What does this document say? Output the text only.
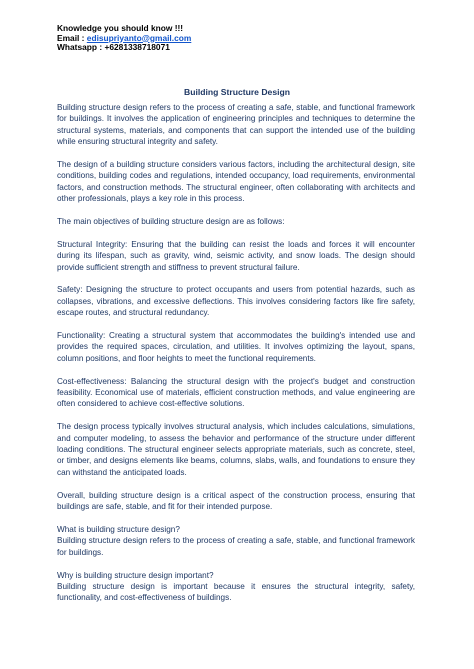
Knowledge you should know !!!
Email : edisupriyanto@gmail.com
Whatsapp : +6281338718071
Building Structure Design

Building structure design refers to the process of creating a safe, stable, and functional framework for buildings. It involves the application of engineering principles and techniques to determine the structural systems, materials, and components that can support the intended use of the building while ensuring structural integrity and safety.

The design of a building structure considers various factors, including the architectural design, site conditions, building codes and regulations, intended occupancy, load requirements, environmental factors, and construction methods. The structural engineer, often collaborating with architects and other professionals, plays a key role in this process.

The main objectives of building structure design are as follows:

Structural Integrity: Ensuring that the building can resist the loads and forces it will encounter during its lifespan, such as gravity, wind, seismic activity, and snow loads. The design should provide sufficient strength and stiffness to prevent structural failure.

Safety: Designing the structure to protect occupants and users from potential hazards, such as collapses, vibrations, and excessive deflections. This involves considering factors like fire safety, escape routes, and structural redundancy.

Functionality: Creating a structural system that accommodates the building's intended use and provides the required spaces, circulation, and utilities. It involves optimizing the layout, spans, column positions, and floor heights to meet the functional requirements.

Cost-effectiveness: Balancing the structural design with the project's budget and construction feasibility. Economical use of materials, efficient construction methods, and value engineering are often considered to achieve cost-effective solutions.

The design process typically involves structural analysis, which includes calculations, simulations, and computer modeling, to assess the behavior and performance of the structure under different loading conditions. The structural engineer selects appropriate materials, such as concrete, steel, or timber, and designs elements like beams, columns, slabs, walls, and foundations to ensure they can withstand the anticipated loads.

Overall, building structure design is a critical aspect of the construction process, ensuring that buildings are safe, stable, and fit for their intended purpose.

What is building structure design?
Building structure design refers to the process of creating a safe, stable, and functional framework for buildings.

Why is building structure design important?
Building structure design is important because it ensures the structural integrity, safety, functionality, and cost-effectiveness of buildings.
